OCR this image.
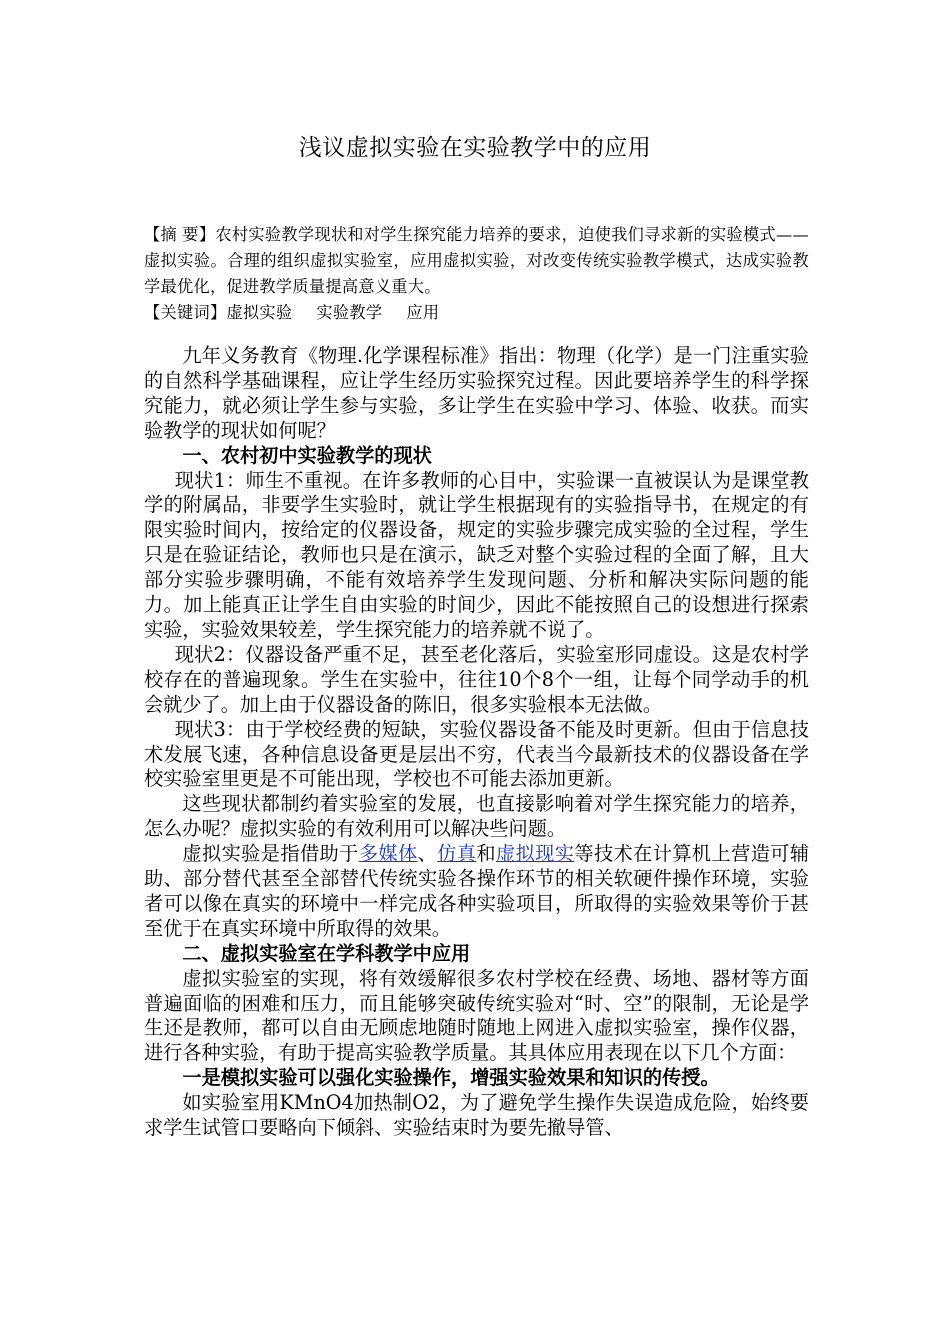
浅议虚拟实验在实验教学中的应用

【摘 要】农村实验教学现状和对学生探究能力培养的要求，迫使我们寻求新的实验模式——虚拟实验。合理的组织虚拟实验室，应用虚拟实验，对改变传统实验教学模式，达成实验教学最优化，促进教学质量提高意义重大。

【关键词】虚拟实验 实验教学 应用

九年义务教育《物理.化学课程标准》指出：物理（化学）是一门注重实验的自然科学基础课程，应让学生经历实验探究过程。因此要培养学生的科学探究能力，就必须让学生参与实验，多让学生在实验中学习、体验、收获。而实验教学的现状如何呢？

一、农村初中实验教学的现状

现状1：师生不重视。在许多教师的心目中，实验课一直被误认为是课堂教学的附属品，非要学生实验时，就让学生根据现有的实验指导书，在规定的有限实验时间内，按给定的仪器设备，规定的实验步骤完成实验的全过程，学生只是在验证结论，教师也只是在演示，缺乏对整个实验过程的全面了解，且大部分实验步骤明确，不能有效培养学生发现问题、分析和解决实际问题的能力。加上能真正让学生自由实验的时间少，因此不能按照自己的设想进行探索实验，实验效果较差，学生探究能力的培养就不说了。

现状2：仪器设备严重不足，甚至老化落后，实验室形同虚设。这是农村学校存在的普遍现象。学生在实验中，往往10个8个一组，让每个同学动手的机会就少了。加上由于仪器设备的陈旧，很多实验根本无法做。

现状3：由于学校经费的短缺，实验仪器设备不能及时更新。但由于信息技术发展飞速，各种信息设备更是层出不穷，代表当今最新技术的仪器设备在学校实验室里更是不可能出现，学校也不可能去添加更新。

这些现状都制约着实验室的发展，也直接影响着对学生探究能力的培养，怎么办呢？虚拟实验的有效利用可以解决些问题。

虚拟实验是指借助于多媒体、仿真和虚拟现实等技术在计算机上营造可辅助、部分替代甚至全部替代传统实验各操作环节的相关软硬件操作环境，实验者可以像在真实的环境中一样完成各种实验项目，所取得的实验效果等价于甚至优于在真实环境中所取得的效果。

二、虚拟实验室在学科教学中应用

虚拟实验室的实现，将有效缓解很多农村学校在经费、场地、器材等方面普遍面临的困难和压力，而且能够突破传统实验对“时、空”的限制，无论是学生还是教师，都可以自由无顾虑地随时随地上网进入虚拟实验室，操作仪器，进行各种实验，有助于提高实验教学质量。其具体应用表现在以下几个方面：

一是模拟实验可以强化实验操作，增强实验效果和知识的传授。

如实验室用KMnO4加热制O2，为了避免学生操作失误造成危险，始终要求学生试管口要略向下倾斜、实验结束时为要先撤导管、
